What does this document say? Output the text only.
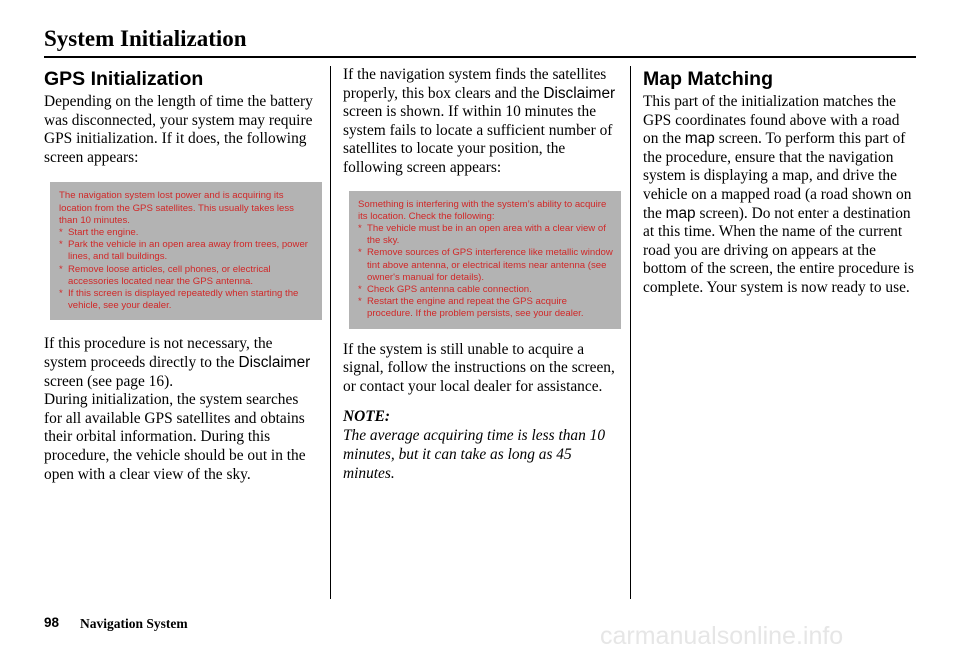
System Initialization
GPS Initialization

Depending on the length of time the battery was disconnected, your system may require GPS initialization. If it does, the following screen appears:

The navigation system lost power and is acquiring its location from the GPS satellites. This usually takes less than 10 minutes.
* Start the engine.
* Park the vehicle in an open area away from trees, power lines, and tall buildings.
* Remove loose articles, cell phones, or electrical accessories located near the GPS antenna.
* If this screen is displayed repeatedly when starting the vehicle, see your dealer.

If this procedure is not necessary, the system proceeds directly to the Disclaimer screen (see page 16).

During initialization, the system searches for all available GPS satellites and obtains their orbital information. During this procedure, the vehicle should be out in the open with a clear view of the sky.

If the navigation system finds the satellites properly, this box clears and the Disclaimer screen is shown. If within 10 minutes the system fails to locate a sufficient number of satellites to locate your position, the following screen appears:

Something is interfering with the system’s ability to acquire its location. Check the following:
* The vehicle must be in an open area with a clear view of the sky.
* Remove sources of GPS interference like metallic window tint above antenna, or electrical items near antenna (see owner's manual for details).
* Check GPS antenna cable connection.
* Restart the engine and repeat the GPS acquire procedure. If the problem persists, see your dealer.

If the system is still unable to acquire a signal, follow the instructions on the screen, or contact your local dealer for assistance.

NOTE:

The average acquiring time is less than 10 minutes, but it can take as long as 45 minutes.

Map Matching

This part of the initialization matches the GPS coordinates found above with a road on the map screen. To perform this part of the procedure, ensure that the navigation system is displaying a map, and drive the vehicle on a mapped road (a road shown on the map screen). Do not enter a destination at this time. When the name of the current road you are driving on appears at the bottom of the screen, the entire procedure is complete. Your system is now ready to use.

98 Navigation System	carmanualsonline.info
